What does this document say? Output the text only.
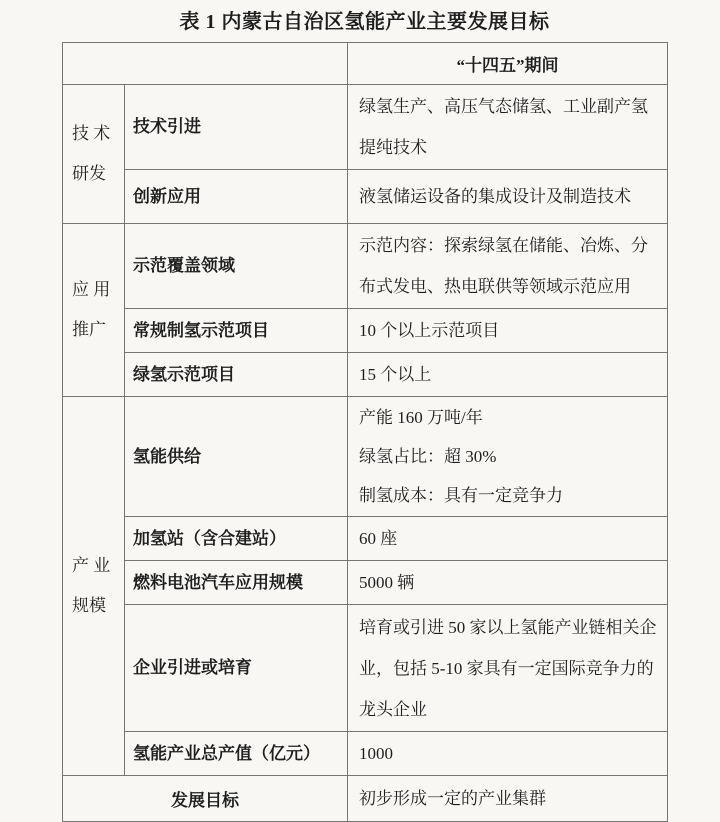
表 1 内蒙古自治区氢能产业主要发展目标
		“十四五”期间

技 术
研发	技术引进	绿氢生产、高压气态储氢、工业副产氢提纯技术

	创新应用	液氢储运设备的集成设计及制造技术

应 用
推广	示范覆盖领域	示范内容：探索绿氢在储能、冶炼、分布式发电、热电联供等领域示范应用

	常规制氢示范项目	10 个以上示范项目

	绿氢示范项目	15 个以上

产 业
规模
	氢能供给	
产能 160 万吨/年
绿氢占比：超 30%
制氢成本：具有一定竞争力

	加氢站（含合建站）	60 座

	燃料电池汽车应用规模	5000 辆

	企业引进或培育	培育或引进 50 家以上氢能产业链相关企业，包括 5-10 家具有一定国际竞争力的龙头企业

	氢能产业总产值（亿元）	1000

发展目标		初步形成一定的产业集群
